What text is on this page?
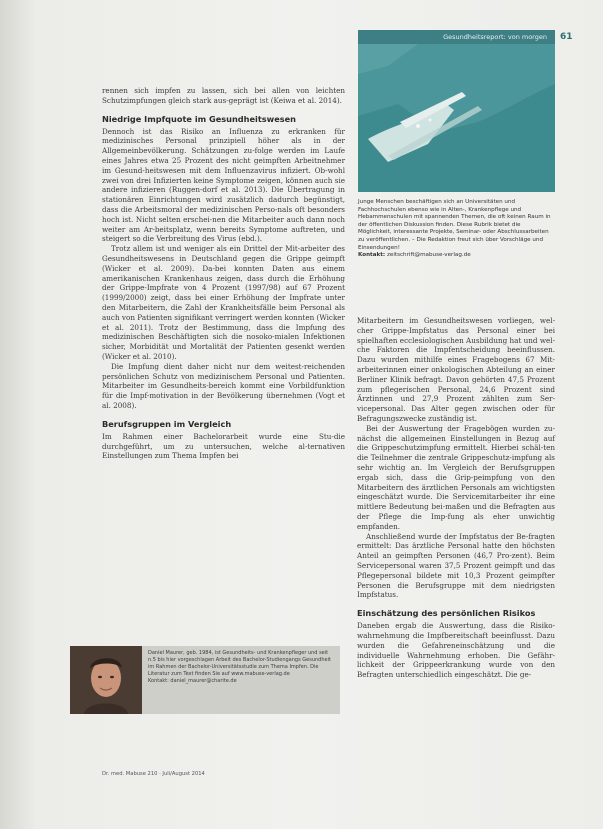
Gesundheitsreport: von morgen 61
Junge Menschen beschäftigen sich an Universitäten und Fachhochschulen ebenso wie in Alten-, Krankenpflege und Hebammenschulen mit spannenden Themen, die oft keinen Raum in der öffentlichen Diskussion finden. Diese Rubrik bietet die Möglichkeit, interessante Projekte, Seminar- oder Abschlussarbeiten zu veröffentlichen. – Die Redaktion freut sich über Vorschläge und Einsendungen!
Kontakt: zeitschrift@mabuse-verlag.de

rennen sich impfen zu lassen, sich bei allen von leichten Schutzimpfungen gleich stark aus-geprägt ist (Keiwa et al. 2014).

Niedrige Impfquote im Gesundheitswesen

Dennoch ist das Risiko an Influenza zu erkranken für medizinisches Personal prinzipiell höher als in der Allgemeinbevölkerung. Schätzungen zu-folge werden im Laufe eines Jahres etwa 25 Prozent des nicht geimpften Arbeitnehmer im Gesund-heitswesen mit dem Influenzavirus infiziert. Ob-wohl zwei von drei Infizierten keine Symptome zeigen, können auch sie andere infizieren (Ruggen-dorf et al. 2013). Die Übertragung in stationären Einrichtungen wird zusätzlich dadurch begünstigt, dass die Arbeitsmoral der medizinischen Perso-nals oft besonders hoch ist. Nicht selten erschei-nen die Mitarbeiter auch dann noch weiter am Ar-beitsplatz, wenn bereits Symptome auftreten, und steigert so die Verbreitung des Virus (ebd.).

Trotz allem ist und weniger als ein Drittel der Mit-arbeiter des Gesundheitswesens in Deutschland gegen die Grippe geimpft (Wicker et al. 2009). Da-bei konnten Daten aus einem amerikanischen Krankenhaus zeigen, dass durch die Erhöhung der Grippe-Impfrate von 4 Prozent (1997/98) auf 67 Prozent (1999/2000) zeigt, dass bei einer Erhöhung der Impfrate unter den Mitarbeitern, die Zahl der Krankheitsfälle beim Personal als auch von Patienten signifikant verringert werden konnten (Wicker et al. 2011). Trotz der Bestimmung, dass die Impfung des medizinischen Beschäftigten sich die nosoko-mialen Infektionen sicher, Morbidität und Mortalität der Patienten gesenkt werden (Wicker et al. 2010).

Die Impfung dient daher nicht nur dem weitest-reichenden persönlichen Schutz von medizinischem Personal und Patienten. Mitarbeiter im Gesundheits-bereich kommt eine Vorbildfunktion für die Impf-motivation in der Bevölkerung übernehmen (Vogt et al. 2008).

Berufsgruppen im Vergleich

Im Rahmen einer Bachelorarbeit wurde eine Stu-die durchgeführt, um zu untersuchen, welche al-ternativen Einstellungen zum Thema Impfen bei

Mitarbeitern im Gesundheitswesen vorliegen, wel-cher Grippe-Impfstatus das Personal einer bei spielhaften ecclesiologischen Ausbildung hat und wel-che Faktoren die Impfentscheidung beeinflussen. Dazu wurden mithilfe eines Fragebogens 67 Mit-arbeiterinnen einer onkologischen Abteilung an einer Berliner Klinik befragt. Davon gehörten 47,5 Prozent zum pflegerischen Personal, 24,6 Prozent sind Ärztinnen und 27,9 Prozent zählten zum Ser-vicepersonal. Das Alter gegen zwischen oder für Befragungszwecke zuständig ist.

Bei der Auswertung der Fragebögen wurden zu-nächst die allgemeinen Einstellungen in Bezug auf die Grippeschutzimpfung ermittelt. Hierbei schäl-ten die Teilnehmer die zentrale Grippeschutz-impfung als sehr wichtig an. Im Vergleich der Berufsgruppen ergab sich, dass die Grip-peimpfung von den Mitarbeitern des ärztlichen Personals am wichtigsten eingeschätzt wurde. Die Servicemitarbeiter ihr eine mittlere Bedeutung bei-maßen und die Befragten aus der Pflege die Imp-fung als eher unwichtig empfanden.

Anschließend wurde der Impfstatus der Be-fragten ermittelt: Das ärztliche Personal hatte den höchsten Anteil an geimpften Personen (46,7 Pro-zent). Beim Servicepersonal waren 37,5 Prozent geimpft und das Pflegepersonal bildete mit 10,3 Prozent geimpfter Personen die Berufsgruppe mit dem niedrigsten Impfstatus.

Einschätzung des persönlichen Risikos

Daneben ergab die Auswertung, dass die Risiko-wahrnehmung die Impfbereitschaft beeinflusst. Dazu wurden die Gefahreneinschätzung und die individuelle Wahrnehmung erhoben. Die Gefähr-lichkeit der Grippeerkrankung wurde von den Befragten unterschiedlich eingeschätzt. Die ge-

Daniel Maurer, geb. 1984, ist Gesundheits- und Krankenpfleger und seit n.5 bis hier vorgeschlagen Arbeit des Bachelor-Studiengangs Gesundheit im Rahmen der Bachelor-Universitätsstudie zum Thema Impfen. Die Literatur zum Text finden Sie auf www.mabuse-verlag.de
Kontakt: daniel_maurer@charite.de
Dr. med. Mabuse 210 · Juli/August 2014
